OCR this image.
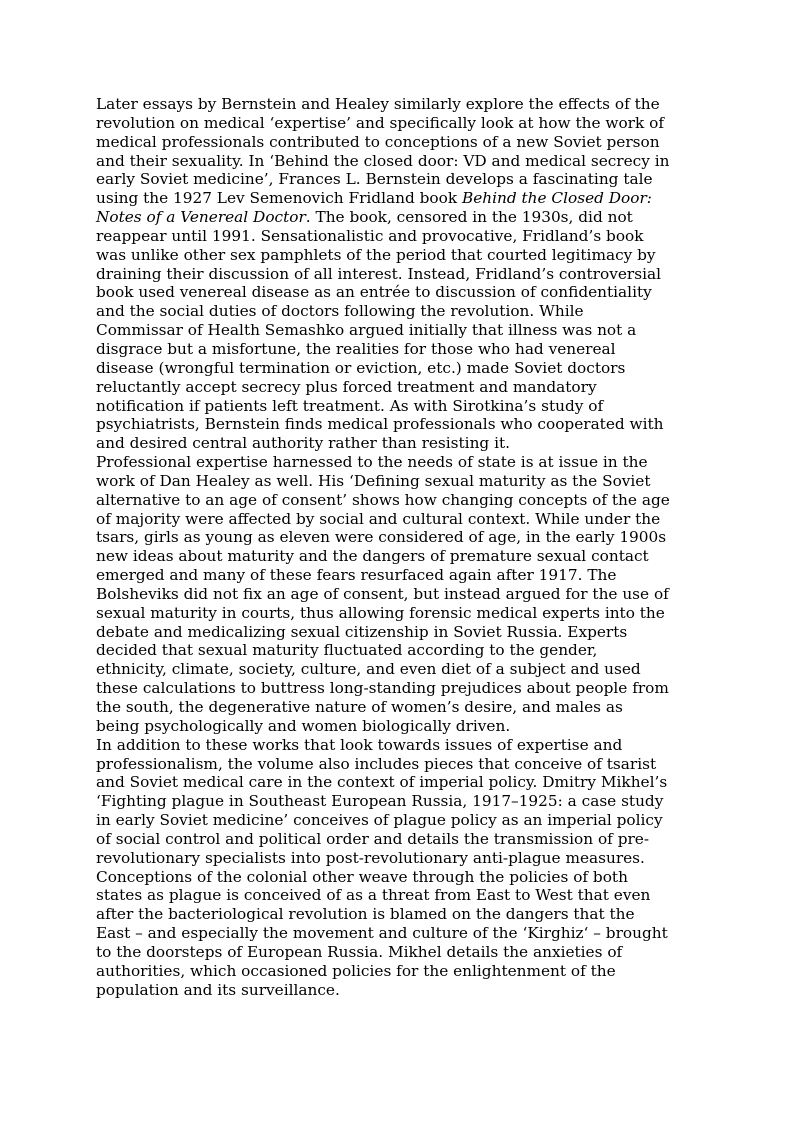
Later essays by Bernstein and Healey similarly explore the effects of the
revolution on medical ‘expertise’ and specifically look at how the work of
medical professionals contributed to conceptions of a new Soviet person
and their sexuality. In ‘Behind the closed door: VD and medical secrecy in
early Soviet medicine’, Frances L. Bernstein develops a fascinating tale
using the 1927 Lev Semenovich Fridland book Behind the Closed Door:
Notes of a Venereal Doctor. The book, censored in the 1930s, did not
reappear until 1991. Sensationalistic and provocative, Fridland’s book
was unlike other sex pamphlets of the period that courted legitimacy by
draining their discussion of all interest. Instead, Fridland’s controversial
book used venereal disease as an entrée to discussion of confidentiality
and the social duties of doctors following the revolution. While
Commissar of Health Semashko argued initially that illness was not a
disgrace but a misfortune, the realities for those who had venereal
disease (wrongful termination or eviction, etc.) made Soviet doctors
reluctantly accept secrecy plus forced treatment and mandatory
notification if patients left treatment. As with Sirotkina’s study of
psychiatrists, Bernstein finds medical professionals who cooperated with
and desired central authority rather than resisting it.
Professional expertise harnessed to the needs of state is at issue in the
work of Dan Healey as well. His ‘Defining sexual maturity as the Soviet
alternative to an age of consent’ shows how changing concepts of the age
of majority were affected by social and cultural context. While under the
tsars, girls as young as eleven were considered of age, in the early 1900s
new ideas about maturity and the dangers of premature sexual contact
emerged and many of these fears resurfaced again after 1917. The
Bolsheviks did not fix an age of consent, but instead argued for the use of
sexual maturity in courts, thus allowing forensic medical experts into the
debate and medicalizing sexual citizenship in Soviet Russia. Experts
decided that sexual maturity fluctuated according to the gender,
ethnicity, climate, society, culture, and even diet of a subject and used
these calculations to buttress long-standing prejudices about people from
the south, the degenerative nature of women’s desire, and males as
being psychologically and women biologically driven.
In addition to these works that look towards issues of expertise and
professionalism, the volume also includes pieces that conceive of tsarist
and Soviet medical care in the context of imperial policy. Dmitry Mikhel’s
‘Fighting plague in Southeast European Russia, 1917–1925: a case study
in early Soviet medicine’ conceives of plague policy as an imperial policy
of social control and political order and details the transmission of pre-
revolutionary specialists into post-revolutionary anti-plague measures.
Conceptions of the colonial other weave through the policies of both
states as plague is conceived of as a threat from East to West that even
after the bacteriological revolution is blamed on the dangers that the
East – and especially the movement and culture of the ‘Kirghiz‘ – brought
to the doorsteps of European Russia. Mikhel details the anxieties of
authorities, which occasioned policies for the enlightenment of the
population and its surveillance.
